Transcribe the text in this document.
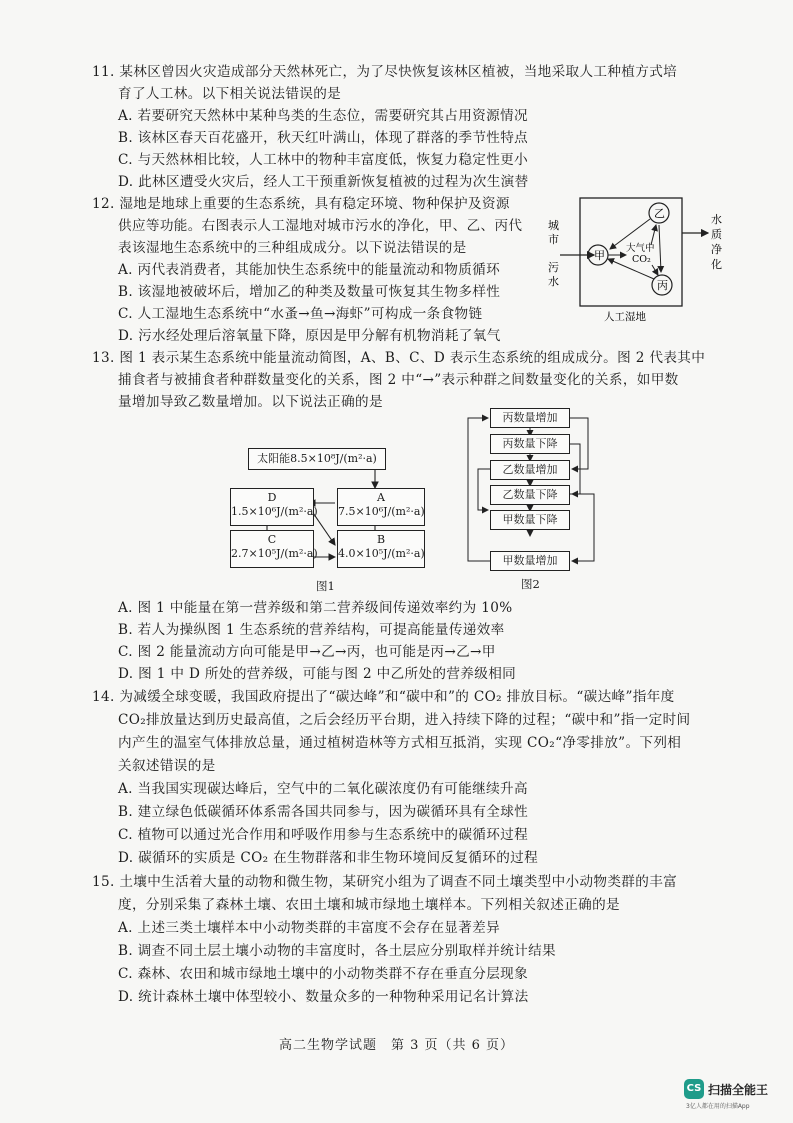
11. 某林区曾因火灾造成部分天然林死亡，为了尽快恢复该林区植被，当地采取人工种植方式培
育了人工林。以下相关说法错误的是
A. 若要研究天然林中某种鸟类的生态位，需要研究其占用资源情况
B. 该林区春天百花盛开，秋天红叶满山，体现了群落的季节性特点
C. 与天然林相比较，人工林中的物种丰富度低，恢复力稳定性更小
D. 此林区遭受火灾后，经人工干预重新恢复植被的过程为次生演替
12. 湿地是地球上重要的生态系统，具有稳定环境、物种保护及资源
供应等功能。右图表示人工湿地对城市污水的净化，甲、乙、丙代
表该湿地生态系统中的三种组成成分。以下说法错误的是
A. 丙代表消费者，其能加快生态系统中的能量流动和物质循环
B. 该湿地被破坏后，增加乙的种类及数量可恢复其生物多样性
C. 人工湿地生态系统中“水蚤→鱼→海虾”可构成一条食物链
D. 污水经处理后溶氧量下降，原因是甲分解有机物消耗了氧气
甲
乙
丙
大气中
CO₂
城
市
污
水
水
质
净
化
人工湿地
13. 图 1 表示某生态系统中能量流动简图，A、B、C、D 表示生态系统的组成成分。图 2 代表其中
捕食者与被捕食者种群数量变化的关系，图 2 中“→”表示种群之间数量变化的关系，如甲数
量增加导致乙数量增加。以下说法正确的是
太阳能8.5×10⁸J/(m²·a)
D
1.5×10⁶J/(m²·a)
A
7.5×10⁶J/(m²·a)
C
2.7×10⁵J/(m²·a)
B
4.0×10⁵J/(m²·a)
图1
丙数量增加
丙数量下降
乙数量增加
乙数量下降
甲数量下降
甲数量增加
图2
A. 图 1 中能量在第一营养级和第二营养级间传递效率约为 10%
B. 若人为操纵图 1 生态系统的营养结构，可提高能量传递效率
C. 图 2 能量流动方向可能是甲→乙→丙，也可能是丙→乙→甲
D. 图 1 中 D 所处的营养级，可能与图 2 中乙所处的营养级相同
14. 为减缓全球变暖，我国政府提出了“碳达峰”和“碳中和”的 CO₂ 排放目标。“碳达峰”指年度
CO₂排放量达到历史最高值，之后会经历平台期，进入持续下降的过程；“碳中和”指一定时间
内产生的温室气体排放总量，通过植树造林等方式相互抵消，实现 CO₂“净零排放”。下列相
关叙述错误的是
A. 当我国实现碳达峰后，空气中的二氧化碳浓度仍有可能继续升高
B. 建立绿色低碳循环体系需各国共同参与，因为碳循环具有全球性
C. 植物可以通过光合作用和呼吸作用参与生态系统中的碳循环过程
D. 碳循环的实质是 CO₂ 在生物群落和非生物环境间反复循环的过程
15. 土壤中生活着大量的动物和微生物，某研究小组为了调查不同土壤类型中小动物类群的丰富
度，分别采集了森林土壤、农田土壤和城市绿地土壤样本。下列相关叙述正确的是
A. 上述三类土壤样本中小动物类群的丰富度不会存在显著差异
B. 调查不同土层土壤小动物的丰富度时，各土层应分别取样并统计结果
C. 森林、农田和城市绿地土壤中的小动物类群不存在垂直分层现象
D. 统计森林土壤中体型较小、数量众多的一种物种采用记名计算法
高二生物学试题　第 3 页（共 6 页）
CS 扫描全能王
3亿人都在用的扫描App
